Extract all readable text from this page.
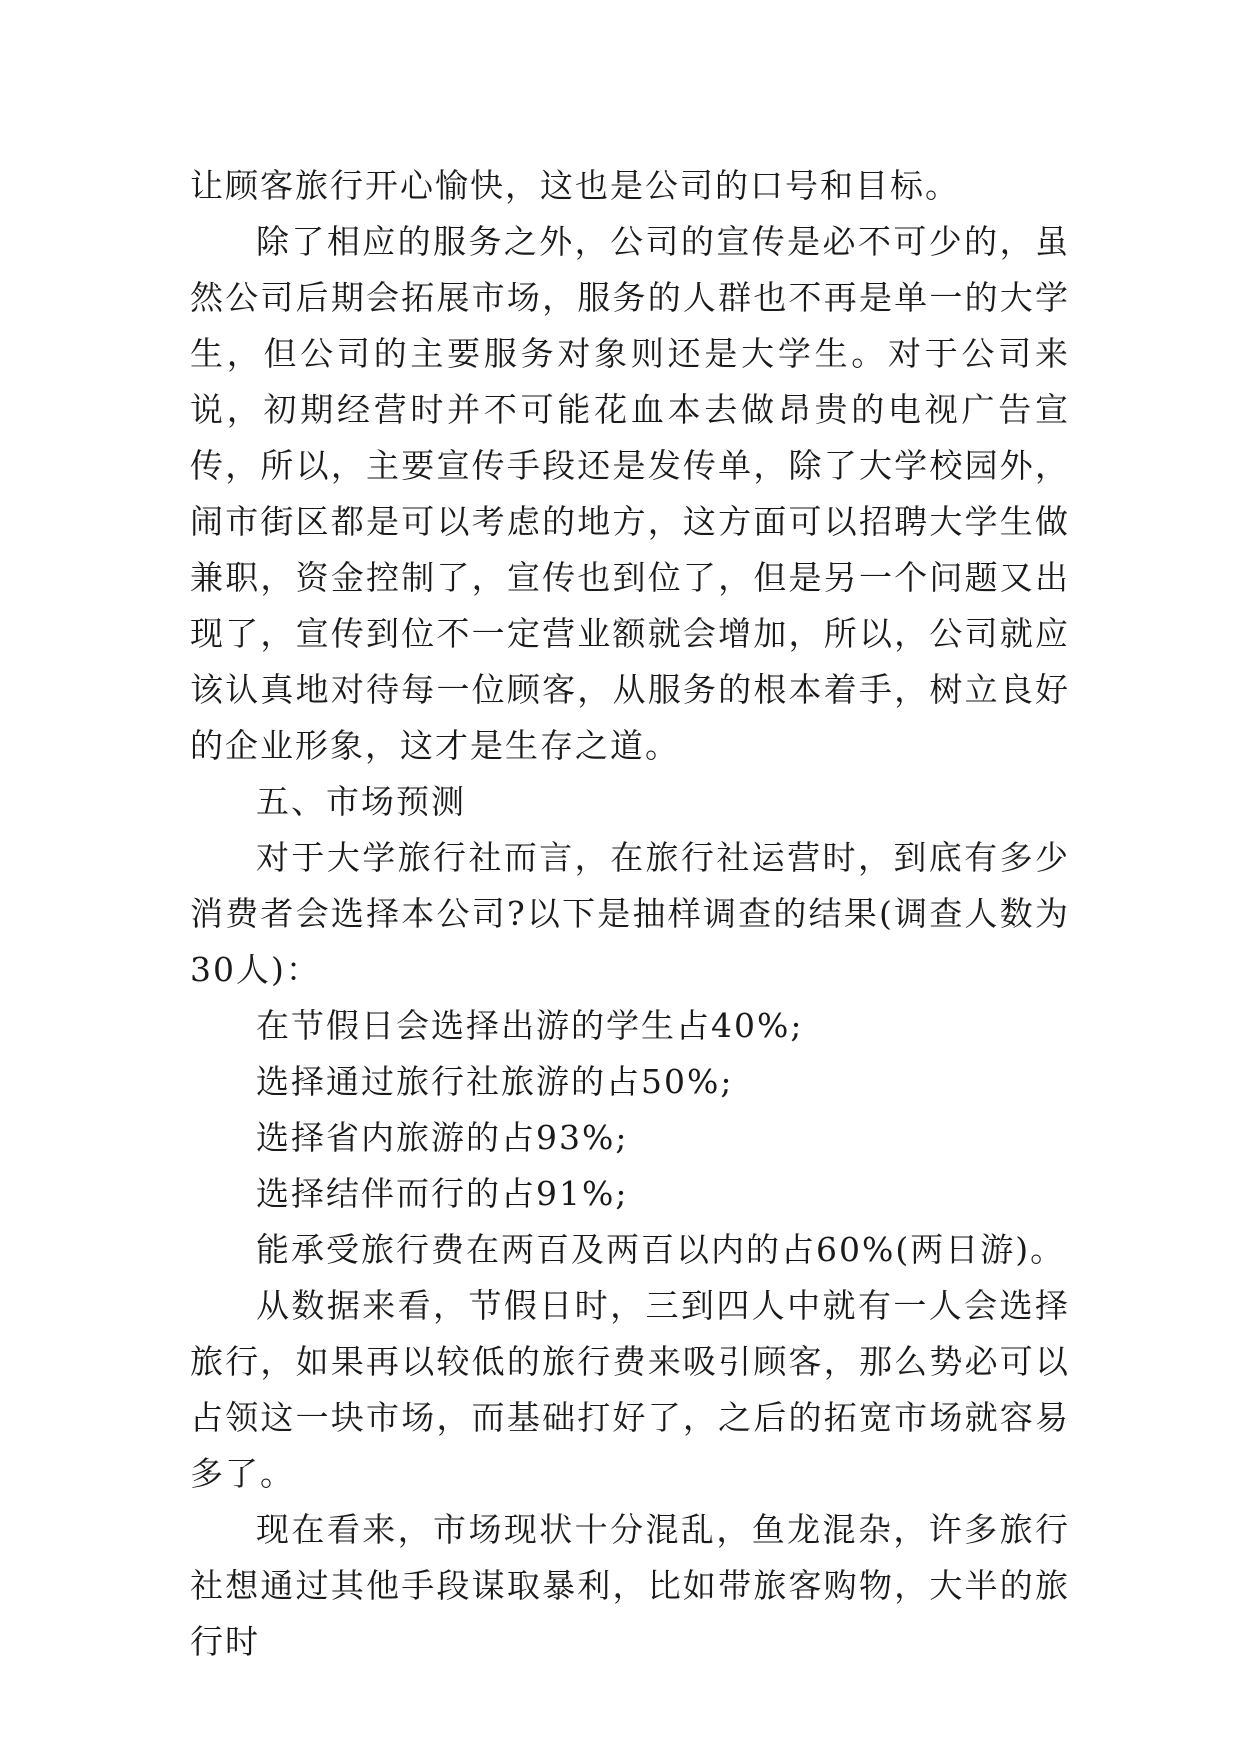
让顾客旅行开心愉快，这也是公司的口号和目标。

除了相应的服务之外，公司的宣传是必不可少的，虽然公司后期会拓展市场，服务的人群也不再是单一的大学生，但公司的主要服务对象则还是大学生。对于公司来说，初期经营时并不可能花血本去做昂贵的电视广告宣传，所以，主要宣传手段还是发传单，除了大学校园外，闹市街区都是可以考虑的地方，这方面可以招聘大学生做兼职，资金控制了，宣传也到位了，但是另一个问题又出现了，宣传到位不一定营业额就会增加，所以，公司就应该认真地对待每一位顾客，从服务的根本着手，树立良好的企业形象，这才是生存之道。

五、市场预测

对于大学旅行社而言，在旅行社运营时，到底有多少消费者会选择本公司?以下是抽样调查的结果(调查人数为30人)：

在节假日会选择出游的学生占40%;

选择通过旅行社旅游的占50%;

选择省内旅游的占93%;

选择结伴而行的占91%;

能承受旅行费在两百及两百以内的占60%(两日游)。

从数据来看，节假日时，三到四人中就有一人会选择旅行，如果再以较低的旅行费来吸引顾客，那么势必可以占领这一块市场，而基础打好了，之后的拓宽市场就容易多了。

现在看来，市场现状十分混乱，鱼龙混杂，许多旅行社想通过其他手段谋取暴利，比如带旅客购物，大半的旅行时
